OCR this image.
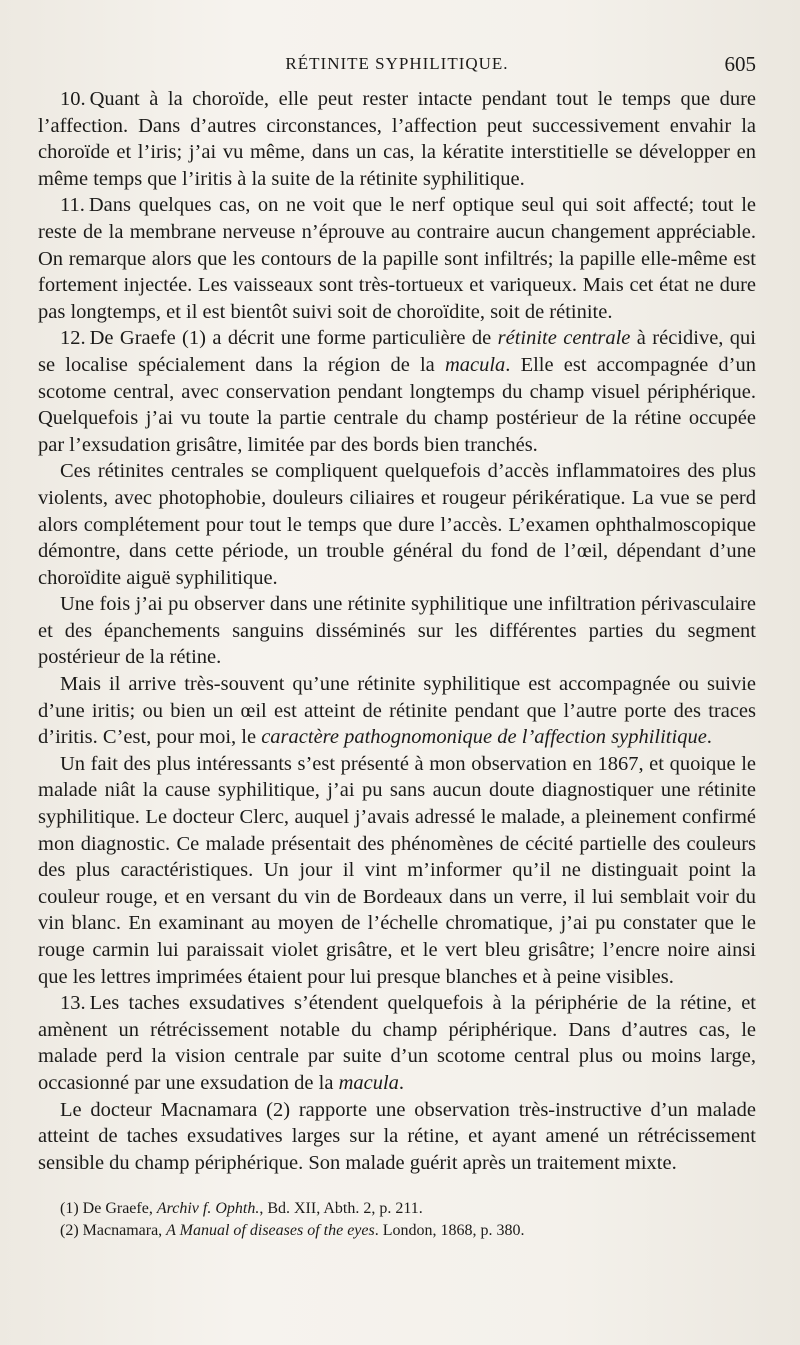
RÉTINITE SYPHILITIQUE.	605

10. Quant à la choroïde, elle peut rester intacte pendant tout le temps que dure l’affection. Dans d’autres circonstances, l’affection peut successivement envahir la choroïde et l’iris; j’ai vu même, dans un cas, la kératite interstitielle se développer en même temps que l’iritis à la suite de la rétinite syphilitique.

11. Dans quelques cas, on ne voit que le nerf optique seul qui soit affecté; tout le reste de la membrane nerveuse n’éprouve au contraire aucun changement appréciable. On remarque alors que les contours de la papille sont infiltrés; la papille elle-même est fortement injectée. Les vaisseaux sont très-tortueux et variqueux. Mais cet état ne dure pas longtemps, et il est bientôt suivi soit de choroïdite, soit de rétinite.

12. De Graefe (1) a décrit une forme particulière de rétinite centrale à récidive, qui se localise spécialement dans la région de la macula. Elle est accompagnée d’un scotome central, avec conservation pendant longtemps du champ visuel périphérique. Quelquefois j’ai vu toute la partie centrale du champ postérieur de la rétine occupée par l’exsudation grisâtre, limitée par des bords bien tranchés.

Ces rétinites centrales se compliquent quelquefois d’accès inflammatoires des plus violents, avec photophobie, douleurs ciliaires et rougeur périkératique. La vue se perd alors complétement pour tout le temps que dure l’accès. L’examen ophthalmoscopique démontre, dans cette période, un trouble général du fond de l’œil, dépendant d’une choroïdite aiguë syphilitique.

Une fois j’ai pu observer dans une rétinite syphilitique une infiltration périvasculaire et des épanchements sanguins disséminés sur les différentes parties du segment postérieur de la rétine.

Mais il arrive très-souvent qu’une rétinite syphilitique est accompagnée ou suivie d’une iritis; ou bien un œil est atteint de rétinite pendant que l’autre porte des traces d’iritis. C’est, pour moi, le caractère pathognomonique de l’affection syphilitique.

Un fait des plus intéressants s’est présenté à mon observation en 1867, et quoique le malade niât la cause syphilitique, j’ai pu sans aucun doute diagnostiquer une rétinite syphilitique. Le docteur Clerc, auquel j’avais adressé le malade, a pleinement confirmé mon diagnostic. Ce malade présentait des phénomènes de cécité partielle des couleurs des plus caractéristiques. Un jour il vint m’informer qu’il ne distinguait point la couleur rouge, et en versant du vin de Bordeaux dans un verre, il lui semblait voir du vin blanc. En examinant au moyen de l’échelle chromatique, j’ai pu constater que le rouge carmin lui paraissait violet grisâtre, et le vert bleu grisâtre; l’encre noire ainsi que les lettres imprimées étaient pour lui presque blanches et à peine visibles.

13. Les taches exsudatives s’étendent quelquefois à la périphérie de la rétine, et amènent un rétrécissement notable du champ périphérique. Dans d’autres cas, le malade perd la vision centrale par suite d’un scotome central plus ou moins large, occasionné par une exsudation de la macula.

Le docteur Macnamara (2) rapporte une observation très-instructive d’un malade atteint de taches exsudatives larges sur la rétine, et ayant amené un rétrécissement sensible du champ périphérique. Son malade guérit après un traitement mixte.

(1) De Graefe, Archiv f. Ophth., Bd. XII, Abth. 2, p. 211.

(2) Macnamara, A Manual of diseases of the eyes. London, 1868, p. 380.
